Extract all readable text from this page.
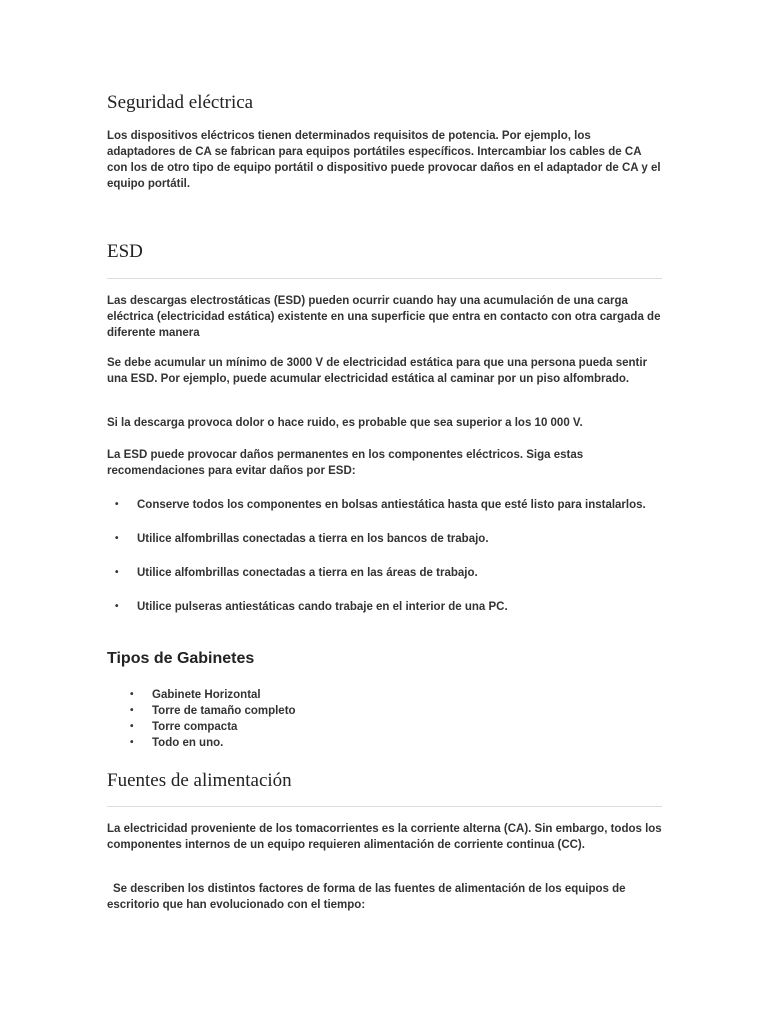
Seguridad eléctrica

Los dispositivos eléctricos tienen determinados requisitos de potencia. Por ejemplo, los adaptadores de CA se fabrican para equipos portátiles específicos. Intercambiar los cables de CA con los de otro tipo de equipo portátil o dispositivo puede provocar daños en el adaptador de CA y el equipo portátil.

ESD

Las descargas electrostáticas (ESD) pueden ocurrir cuando hay una acumulación de una carga eléctrica (electricidad estática) existente en una superficie que entra en contacto con otra cargada de diferente manera

Se debe acumular un mínimo de 3000 V de electricidad estática para que una persona pueda sentir una ESD. Por ejemplo, puede acumular electricidad estática al caminar por un piso alfombrado.

Si la descarga provoca dolor o hace ruido, es probable que sea superior a los 10 000 V.

La ESD puede provocar daños permanentes en los componentes eléctricos. Siga estas recomendaciones para evitar daños por ESD:

• Conserve todos los componentes en bolsas antiestática hasta que esté listo para instalarlos.
• Utilice alfombrillas conectadas a tierra en los bancos de trabajo.
• Utilice alfombrillas conectadas a tierra en las áreas de trabajo.
• Utilice pulseras antiestáticas cando trabaje en el interior de una PC.
Tipos de Gabinetes
• Gabinete Horizontal
• Torre de tamaño completo
• Torre compacta
• Todo en uno.
Fuentes de alimentación

La electricidad proveniente de los tomacorrientes es la corriente alterna (CA). Sin embargo, todos los componentes internos de un equipo requieren alimentación de corriente continua (CC).

Se describen los distintos factores de forma de las fuentes de alimentación de los equipos de escritorio que han evolucionado con el tiempo:
